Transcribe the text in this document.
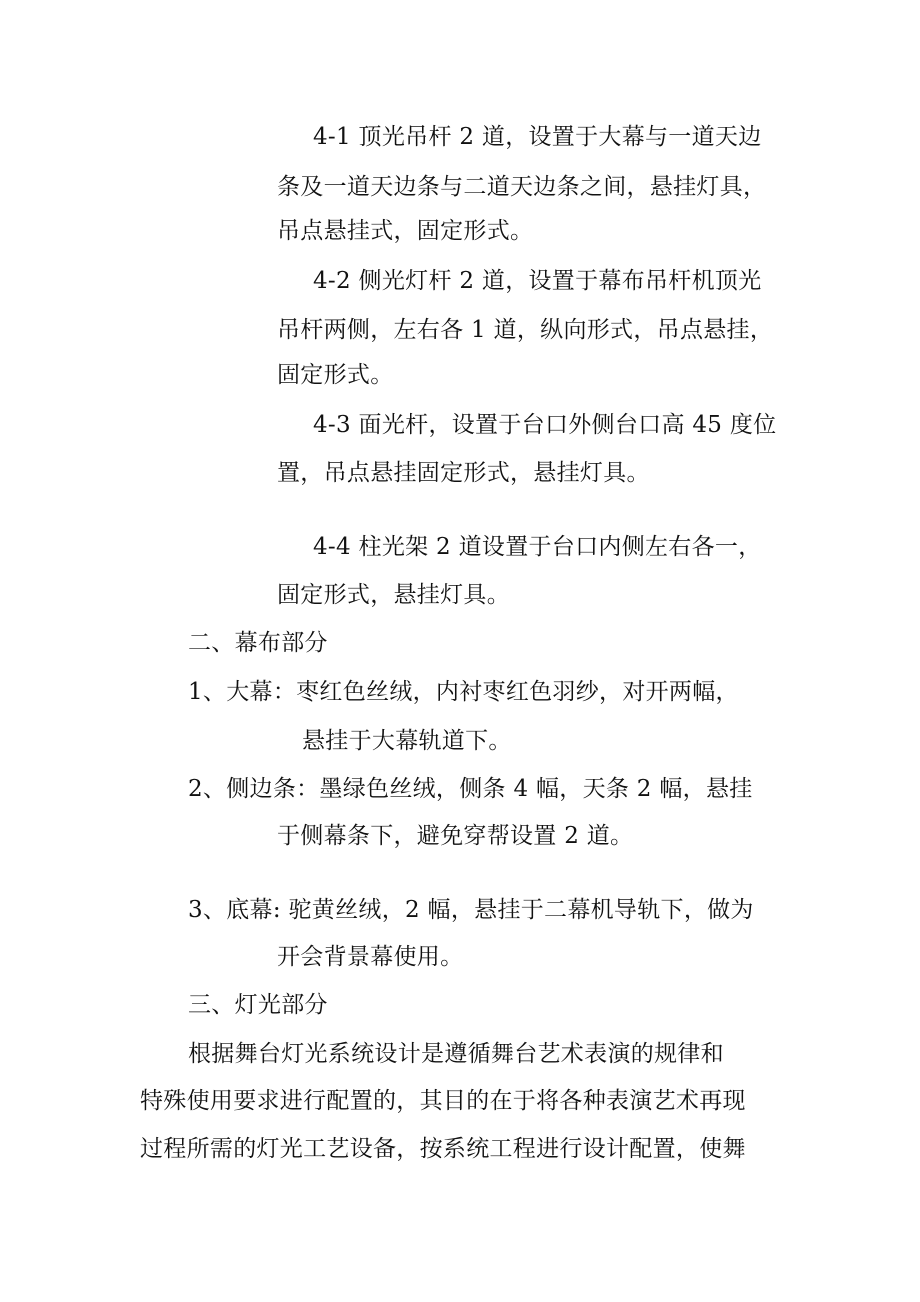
4-1 顶光吊杆 2 道，设置于大幕与一道天边
条及一道天边条与二道天边条之间，悬挂灯具，
吊点悬挂式，固定形式。
4-2 侧光灯杆 2 道，设置于幕布吊杆机顶光
吊杆两侧，左右各 1 道，纵向形式，吊点悬挂，
固定形式。
4-3 面光杆，设置于台口外侧台口高 45 度位
置，吊点悬挂固定形式，悬挂灯具。
4-4 柱光架 2 道设置于台口内侧左右各一，
固定形式，悬挂灯具。
二、幕布部分
1、大幕：枣红色丝绒，内衬枣红色羽纱，对开两幅，
悬挂于大幕轨道下。
2、侧边条：墨绿色丝绒，侧条 4 幅，天条 2 幅，悬挂
于侧幕条下，避免穿帮设置 2 道。
3、底幕: 驼黄丝绒，2 幅，悬挂于二幕机导轨下，做为
开会背景幕使用。
三、灯光部分
根据舞台灯光系统设计是遵循舞台艺术表演的规律和
特殊使用要求进行配置的，其目的在于将各种表演艺术再现
过程所需的灯光工艺设备，按系统工程进行设计配置，使舞
